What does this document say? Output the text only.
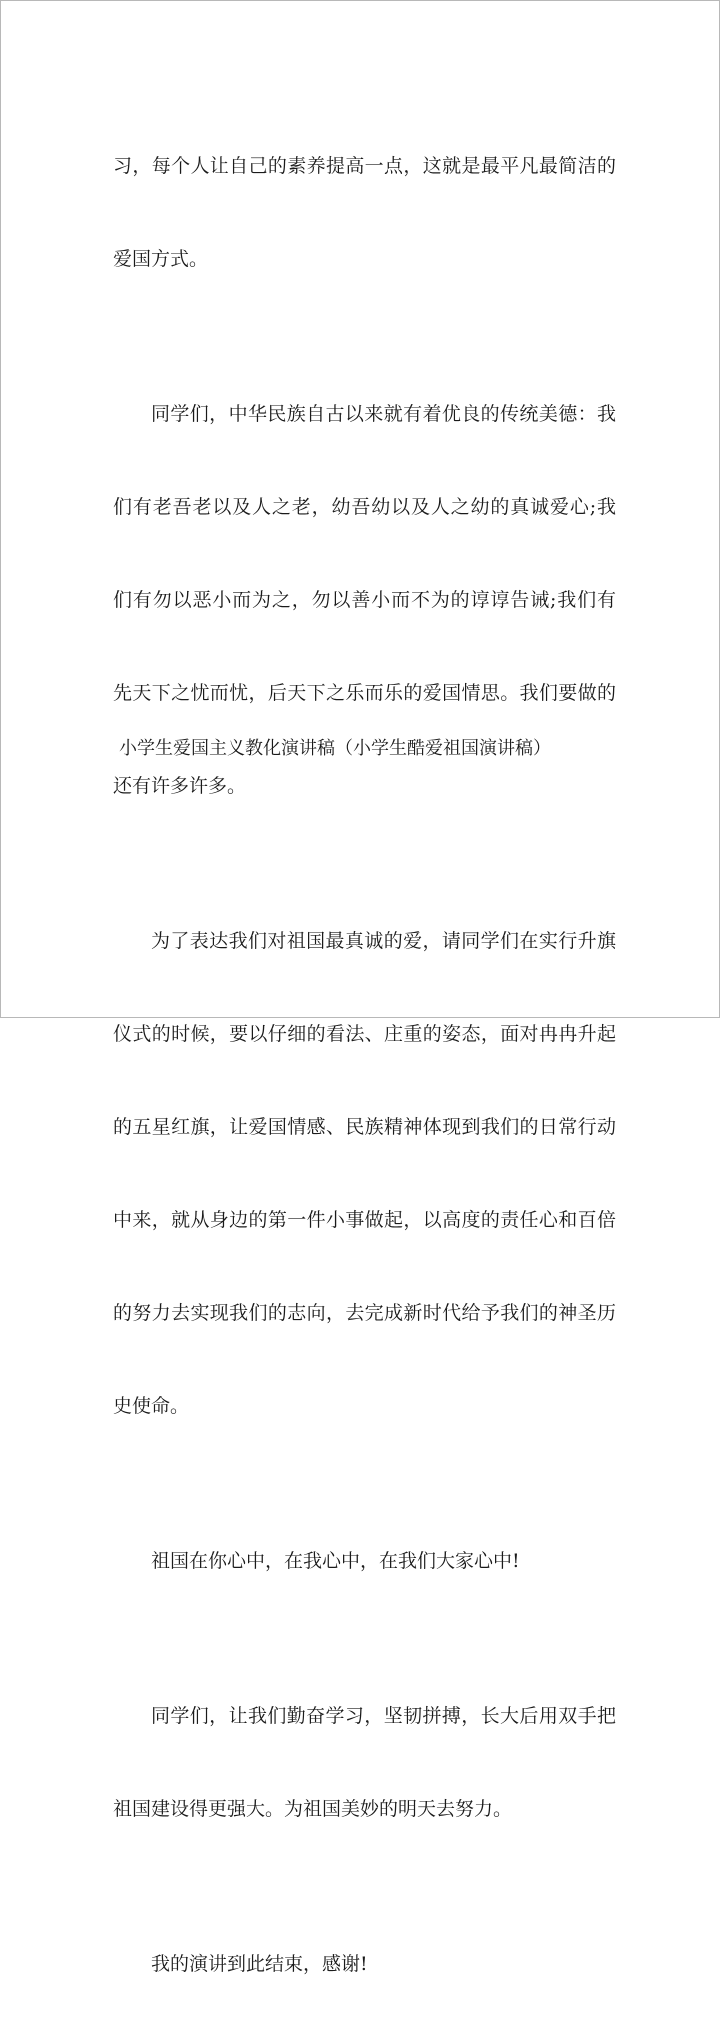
习，每个人让自己的素养提高一点，这就是最平凡最简洁的

爱国方式。

同学们，中华民族自古以来就有着优良的传统美德：我

们有老吾老以及人之老，幼吾幼以及人之幼的真诚爱心;我

们有勿以恶小而为之，勿以善小而不为的谆谆告诫;我们有

先天下之忧而忧，后天下之乐而乐的爱国情思。我们要做的

还有许多许多。

为了表达我们对祖国最真诚的爱，请同学们在实行升旗

仪式的时候，要以仔细的看法、庄重的姿态，面对冉冉升起

的五星红旗，让爱国情感、民族精神体现到我们的日常行动

中来，就从身边的第一件小事做起，以高度的责任心和百倍

的努力去实现我们的志向，去完成新时代给予我们的神圣历

史使命。

祖国在你心中，在我心中，在我们大家心中!

同学们，让我们勤奋学习，坚韧拼搏，长大后用双手把

祖国建设得更强大。为祖国美妙的明天去努力。

我的演讲到此结束，感谢!

小学生爱国主义教化演讲稿（小学生酷爱祖国演讲稿）
